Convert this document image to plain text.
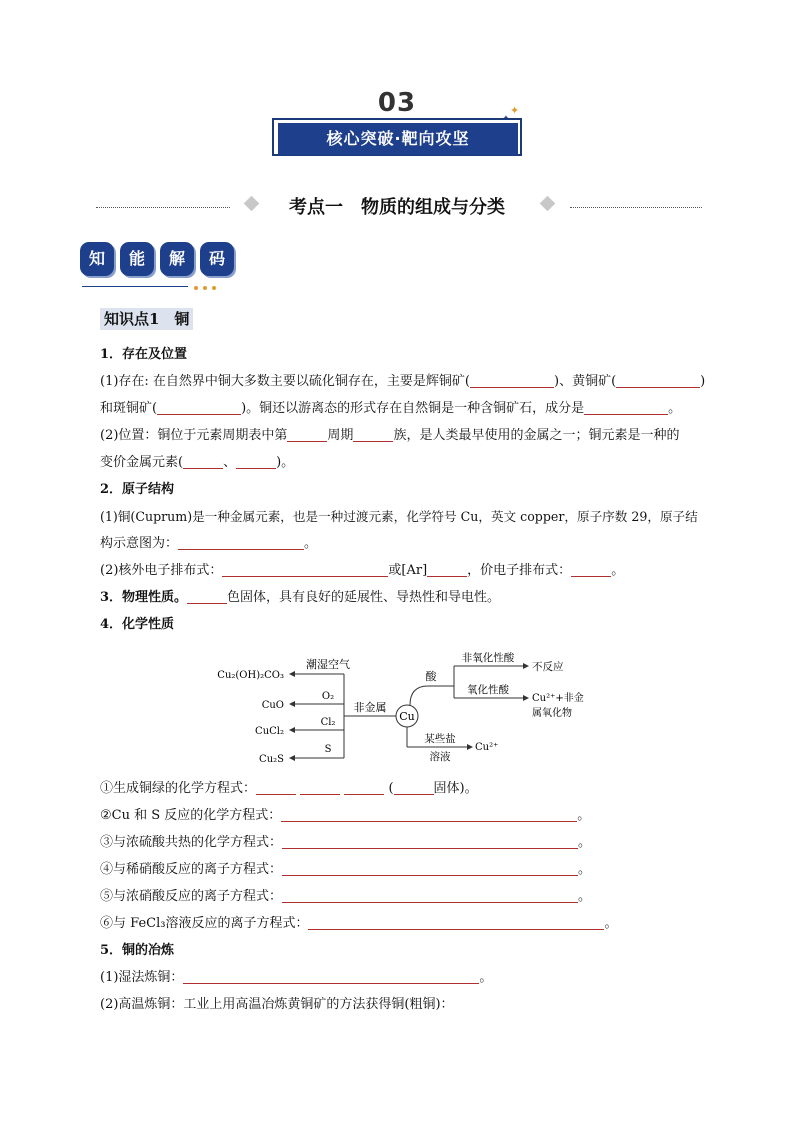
03	✦
✦
核心突破·靶向攻坚
考点一　物质的组成与分类
知	能	解	码
知识点1　铜
1．存在及位置
(1)存在: 在自然界中铜大多数主要以硫化铜存在，主要是辉铜矿(	)、黄铜矿(	)
和斑铜矿(	)。铜还以游离态的形式存在自然铜是一种含铜矿石，成分是	。
(2)位置：铜位于元素周期表中第	周期	族，是人类最早使用的金属之一；铜元素是一种的
变价金属元素(	、	)。
2．原子结构
(1)铜(Cuprum)是一种金属元素，也是一种过渡元素，化学符号 Cu，英文 copper，原子序数 29，原子结
构示意图为：	。
(2)核外电子排布式：	或[Ar]	，价电子排布式：	。
3．物理性质。	色固体，具有良好的延展性、导热性和导电性。
4．化学性质
Cu
非金属
Cu₂(OH)₂CO₃
CuO
CuCl₂
Cu₂S
潮湿空气
O₂
Cl₂
S
酸
非氧化性酸
不反应
氧化性酸
Cu²⁺+非金
属氧化物
某些盐
溶液
Cu²⁺
①生成铜绿的化学方程式：	(	固体)。
②Cu 和 S 反应的化学方程式：	。
③与浓硫酸共热的化学方程式：	。
④与稀硝酸反应的离子方程式：	。
⑤与浓硝酸反应的离子方程式：	。
⑥与 FeCl₃溶液反应的离子方程式：	。
5．铜的冶炼
(1)湿法炼铜：	。
(2)高温炼铜：工业上用高温冶炼黄铜矿的方法获得铜(粗铜)：
